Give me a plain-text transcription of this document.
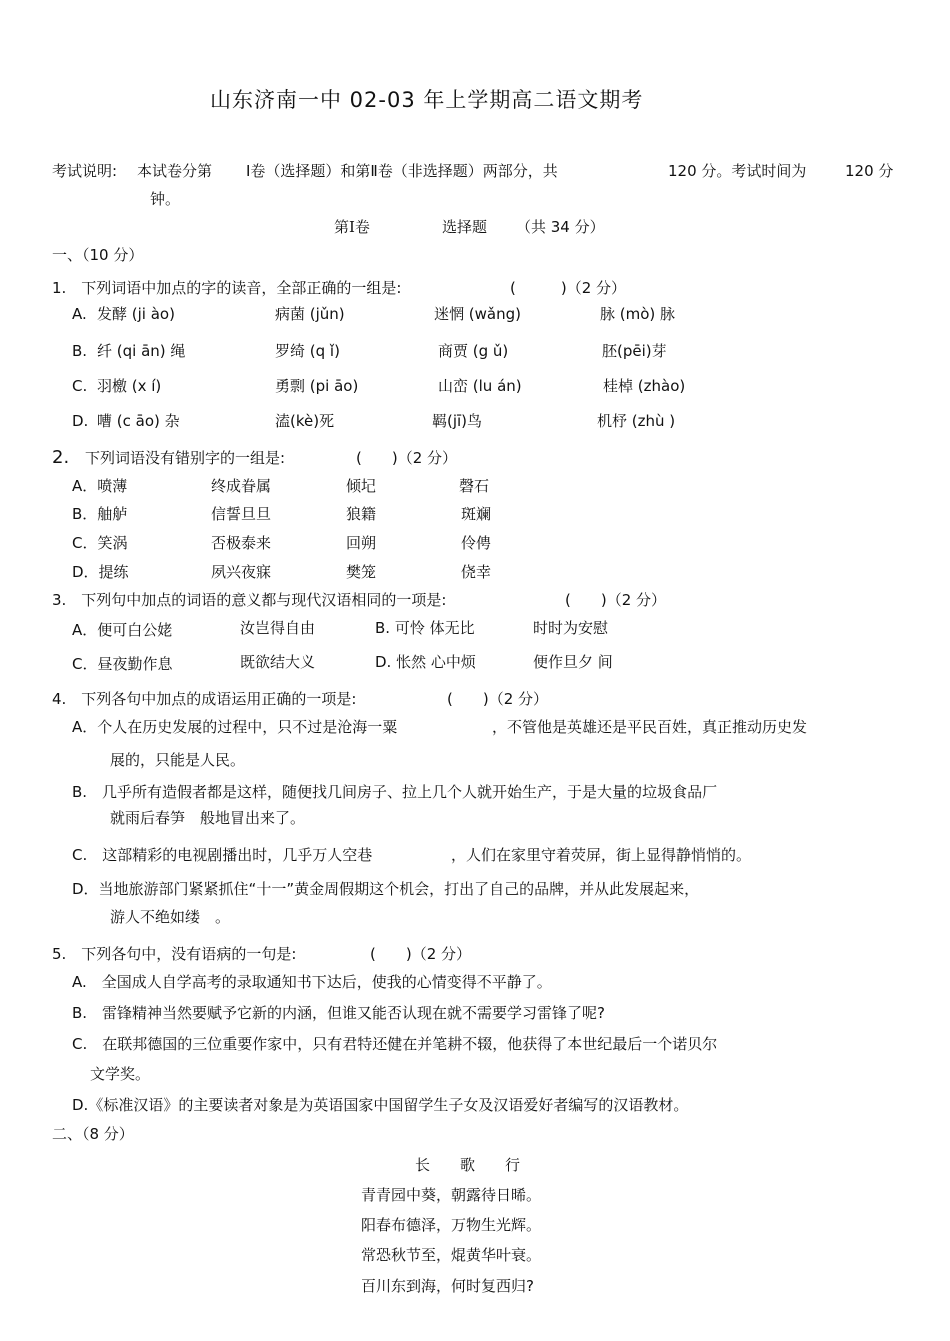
山东济南一中 02-03 年上学期高二语文期考
考试说明: 本试卷分第 Ⅰ卷（选择题）和第Ⅱ卷（非选择题）两部分，共	120 分。考试时间为	120 分
钟。
第Ⅰ卷	选择题 （共 34 分）
一、（10 分）
1.　下列词语中加点的字的读音，全部正确的一组是:	(　　　)（2 分）
A. 发酵 (ji ào)	病菌 (jǔn)	迷惘 (wǎng)	脉 (mò) 脉
B. 纤 (qi ān) 绳	罗绮 (q ǐ)	商贾 (g ǔ)	胚(pēi)芽
C. 羽檄 (x í)	勇剽 (pi āo)	山峦 (lu án)	桂棹 (zhào)
D. 嘈 (c āo) 杂	溘(kè)死	羁(jī)鸟	机杼 (zhù )
2. 下列词语没有错别字的一组是:	(　　)（2 分）
A．喷薄	终成眷属	倾圮	磬石
B．舳舻	信誓旦旦	狼籍	斑斓
C．笑涡	否极泰来	回朔	伶俜
D．提练	夙兴夜寐	樊笼	侥幸
3.　下列句中加点的词语的意义都与现代汉语相同的一项是:	(　　)（2 分）
A．便可白公姥	汝岂得自由	B. 可怜 体无比	时时为安慰
C．昼夜勤作息	既欲结大义	D. 怅然 心中烦	便作旦夕 间
4.　下列各句中加点的成语运用正确的一项是:	(　　)（2 分）
A．个人在历史发展的过程中，只不过是沧海一粟	，不管他是英雄还是平民百姓，真正推动历史发
展的，只能是人民。
B.　几乎所有造假者都是这样，随便找几间房子、拉上几个人就开始生产，于是大量的垃圾食品厂
就雨后春笋　般地冒出来了。
C.　这部精彩的电视剧播出时，几乎万人空巷	，人们在家里守着荧屏，街上显得静悄悄的。
D．当地旅游部门紧紧抓住“十一”黄金周假期这个机会，打出了自己的品牌，并从此发展起来，
游人不绝如缕　。
5.　下列各句中，没有语病的一句是:	(　　)（2 分）
A.　全国成人自学高考的录取通知书下达后，使我的心情变得不平静了。
B.　雷锋精神当然要赋予它新的内涵，但谁又能否认现在就不需要学习雷锋了呢?
C.　在联邦德国的三位重要作家中，只有君特还健在并笔耕不辍，他获得了本世纪最后一个诺贝尔
文学奖。
D.《标准汉语》的主要读者对象是为英语国家中国留学生子女及汉语爱好者编写的汉语教材。
二、（8 分）
长　　歌　　行
青青园中葵，朝露待日晞。
阳春布德泽，万物生光辉。
常恐秋节至，焜黄华叶衰。
百川东到海，何时复西归?
